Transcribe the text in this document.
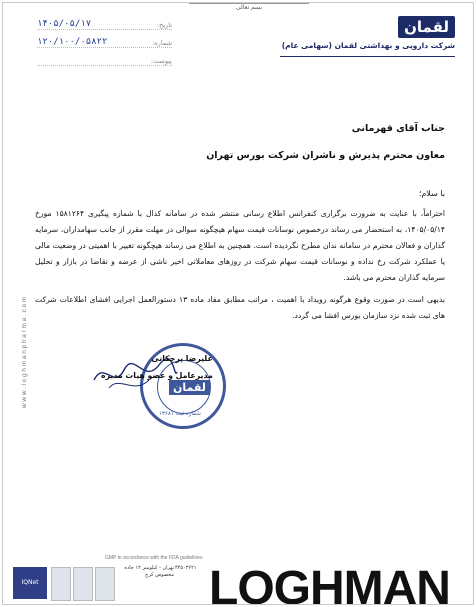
بسم تعالی
لقمان
شرکت دارویی و بهداشتی لقمان (سهامی عام)
تاریخ:
۱۴۰۵/۰۵/۱۷
شماره:
۱۲۰/۱۰۰/۰۵۸۲۲
پیوست:
جناب آقای قهرمانی
معاون محترم پذیرش و ناشران شرکت بورس تهران
با سلام؛

احتراماً، با عنایت به ضرورت برگزاری کنفرانس اطلاع رسانی منتشر شده در سامانه کدال با شماره پیگیری ۱۵۸۱۲۶۴ مورخ ۱۴۰۵/۰۵/۱۴، به استحضار می رساند درخصوص نوسانات قیمت سهام هیچگونه سوالی در مهلت مقرر از جانب سهامداران، سرمایه گذاران و فعالان محترم در سامانه ندان مطرح نگردیده است. همچنین به اطلاع می رساند هیچگونه تغییر با اهمیتی در وضعیت مالی یا عملکرد شرکت رخ نداده و نوسانات قیمت سهام شرکت در روزهای معاملاتی اخیر ناشی از عرضه و تقاضا در بازار و تحلیل سرمایه گذاران محترم می باشد.

بدیهی است در صورت وقوع هرگونه رویداد با اهمیت ، مراتب مطابق مفاد ماده ۱۳ دستورالعمل اجرایی افشای اطلاعات شرکت های ثبت شده نزد سازمان بورس افشا می گردد.

لقمان
شماره ثبت ۱۳۶۸۱
علیرضا پرچکانی
مدیرعامل و عضو هیات مدیره
www.loghmanpharma.com
GMP in accordance with the FDA guidelines
IQNet
تهران - کیلومتر ۱۲ جاده مخصوص کرج
۴۴۵۰۳۶۲۱ LOGHMAN
